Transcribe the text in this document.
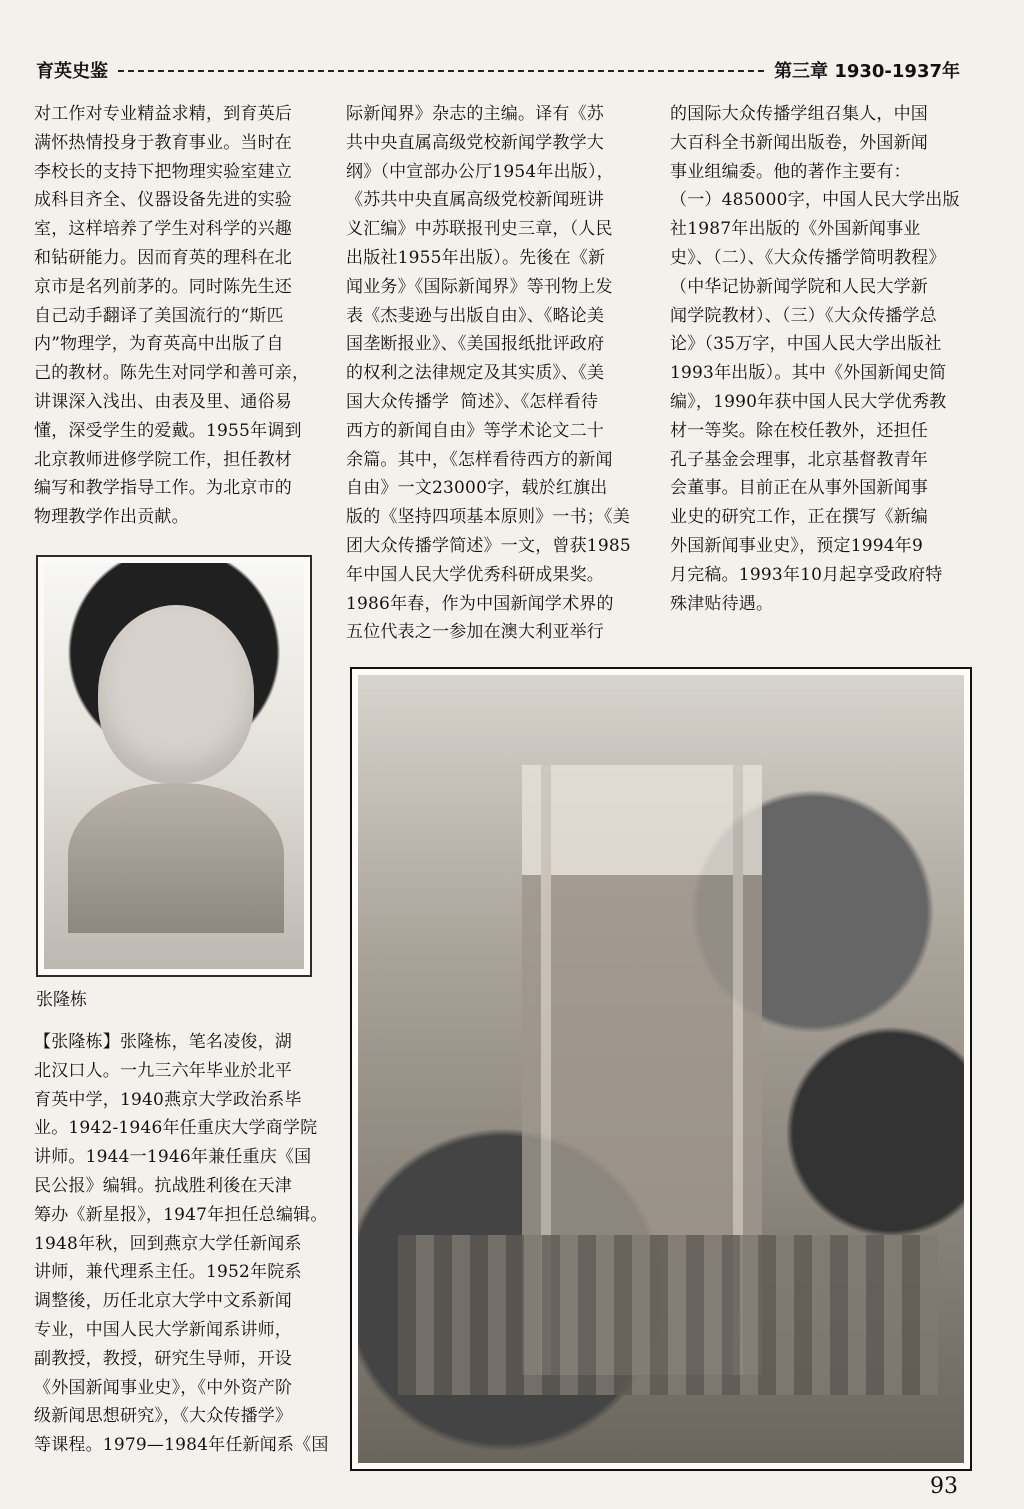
育英史鉴	第三章 1930-1937年
对工作对专业精益求精，到育英后
满怀热情投身于教育事业。当时在
李校长的支持下把物理实验室建立
成科目齐全、仪器设备先进的实验
室，这样培养了学生对科学的兴趣
和钻研能力。因而育英的理科在北
京市是名列前茅的。同时陈先生还
自己动手翻译了美国流行的“斯匹
内”物理学，为育英高中出版了自
己的教材。陈先生对同学和善可亲，
讲课深入浅出、由表及里、通俗易
懂，深受学生的爱戴。1955年调到
北京教师进修学院工作，担任教材
编写和教学指导工作。为北京市的
物理教学作出贡献。
际新闻界》杂志的主编。译有《苏
共中央直属高级党校新闻学教学大
纲》（中宣部办公厅1954年出版），
《苏共中央直属高级党校新闻班讲
义汇编》中苏联报刊史三章，（人民
出版社1955年出版）。先後在《新
闻业务》《国际新闻界》等刊物上发
表《杰斐逊与出版自由》、《略论美
国垄断报业》、《美国报纸批评政府
的权利之法律规定及其实质》、《美
国大众传播学  简述》、《怎样看待
西方的新闻自由》等学术论文二十
余篇。其中，《怎样看待西方的新闻
自由》一文23000字，载於红旗出
版的《坚持四项基本原则》一书；《美
团大众传播学简述》一文，曾获1985
年中国人民大学优秀科研成果奖。
1986年春，作为中国新闻学术界的
五位代表之一参加在澳大利亚举行
的国际大众传播学组召集人，中国
大百科全书新闻出版卷，外国新闻
事业组编委。他的著作主要有：
（一）485000字，中国人民大学出版
社1987年出版的《外国新闻事业
史》、（二）、《大众传播学简明教程》
（中华记协新闻学院和人民大学新
闻学院教材）、（三）《大众传播学总
论》（35万字，中国人民大学出版社
1993年出版）。其中《外国新闻史简
编》，1990年获中国人民大学优秀教
材一等奖。除在校任教外，还担任
孔子基金会理事，北京基督教青年
会董事。目前正在从事外国新闻事
业史的研究工作，正在撰写《新编
外国新闻事业史》，预定1994年9
月完稿。1993年10月起享受政府特
殊津贴待遇。
张隆栋
【张隆栋】张隆栋，笔名凌俊，湖
北汉口人。一九三六年毕业於北平
育英中学，1940燕京大学政治系毕
业。1942-1946年任重庆大学商学院
讲师。1944一1946年兼任重庆《国
民公报》编辑。抗战胜利後在天津
筹办《新星报》，1947年担任总编辑。
1948年秋，回到燕京大学任新闻系
讲师，兼代理系主任。1952年院系
调整後，历任北京大学中文系新闻
专业，中国人民大学新闻系讲师，
副教授，教授，研究生导师，开设
《外国新闻事业史》，《中外资产阶
级新闻思想研究》，《大众传播学》
等课程。1979—1984年任新闻系《国
93
